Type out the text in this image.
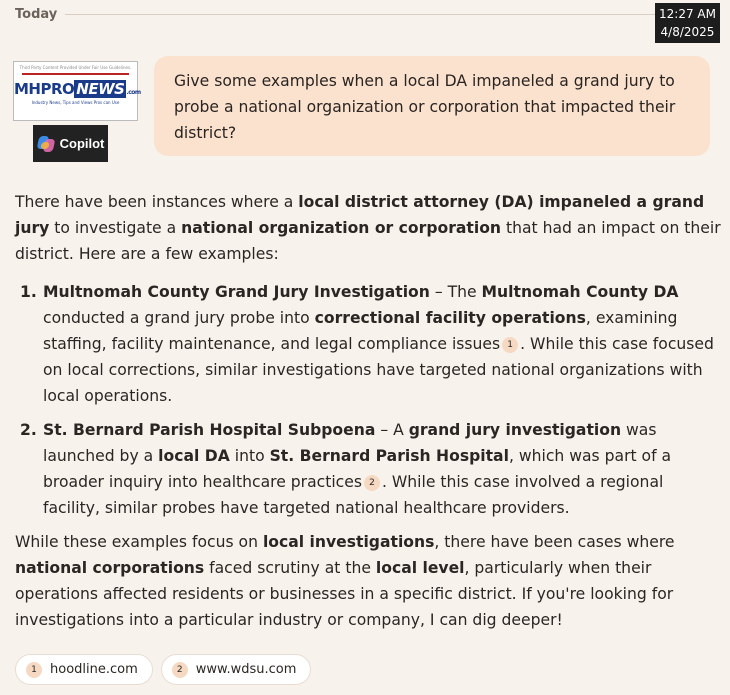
Today	12:27 AM
4/8/2025
Third Party Content Provided Under Fair Use Guidelines.
MHPRO NEWS .com
Industry News, Tips and Views Pros can Use
Copilot
Give some examples when a local DA impaneled a grand jury to probe a national organization or corporation that impacted their district?

There have been instances where a local district attorney (DA) impaneled a grand jury to investigate a national organization or corporation that had an impact on their district. Here are a few examples:

1. Multnomah County Grand Jury Investigation – The Multnomah County DA conducted a grand jury probe into correctional facility operations, examining staffing, facility maintenance, and legal compliance issues 1 . While this case focused on local corrections, similar investigations have targeted national organizations with local operations.
2. St. Bernard Parish Hospital Subpoena – A grand jury investigation was launched by a local DA into St. Bernard Parish Hospital, which was part of a broader inquiry into healthcare practices 2 . While this case involved a regional facility, similar probes have targeted national healthcare providers.

While these examples focus on local investigations, there have been cases where national corporations faced scrutiny at the local level, particularly when their operations affected residents or businesses in a specific district. If you're looking for investigations into a particular industry or company, I can dig deeper!

1	hoodline.com	2	www.wdsu.com
